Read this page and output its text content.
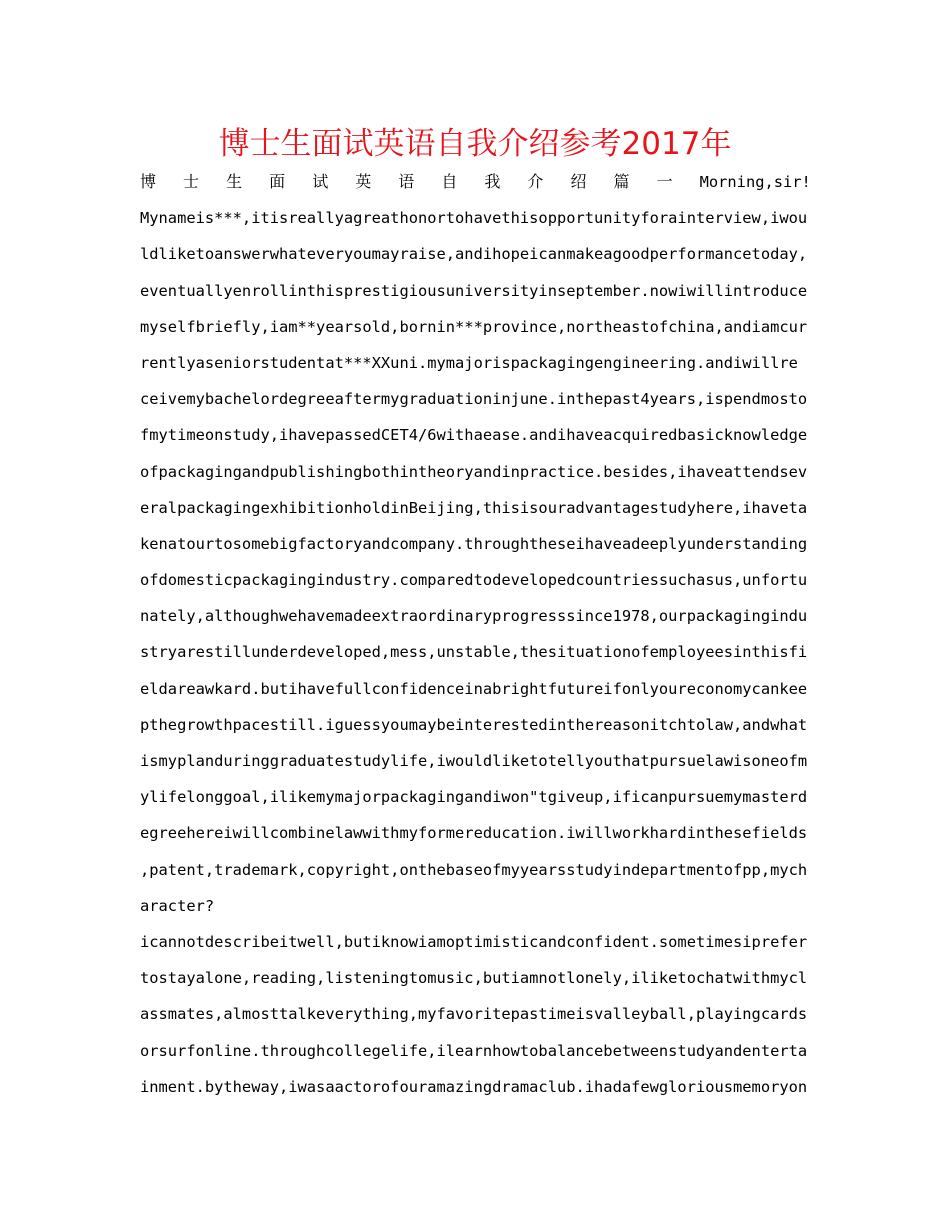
博士生面试英语自我介绍参考2017年
博 士 生 面 试 英 语 自 我 介 绍 篇 一 Morning,sir!
Mynameis***,itisreallyagreathonortohavethisopportunityforainterview,iwou
ldliketoanswerwhateveryoumayraise,andihopeicanmakeagoodperformancetoday,
eventuallyenrollinthisprestigiousuniversityinseptember.nowiwillintroduce
myselfbriefly,iam**yearsold,bornin***province,northeastofchina,andiamcur
rentlyaseniorstudentat***XXuni.mymajorispackagingengineering.andiwillre
ceivemybachelordegreeaftermygraduationinjune.inthepast4years,ispendmosto
fmytimeonstudy,ihavepassedCET4/6withaease.andihaveacquiredbasicknowledge
ofpackagingandpublishingbothintheoryandinpractice.besides,ihaveattendsev
eralpackagingexhibitionholdinBeijing,thisisouradvantagestudyhere,ihaveta
kenatourtosomebigfactoryandcompany.throughtheseihaveadeeplyunderstanding
ofdomesticpackagingindustry.comparedtodevelopedcountriessuchasus,unfortu
nately,althoughwehavemadeextraordinaryprogresssince1978,ourpackagingindu
stryarestillunderdeveloped,mess,unstable,thesituationofemployeesinthisfi
eldareawkard.butihavefullconfidenceinabrightfutureifonlyoureconomycankee
pthegrowthpacestill.iguessyoumaybeinterestedinthereasonitchtolaw,andwhat
ismyplanduringgraduatestudylife,iwouldliketotellyouthatpursuelawisoneofm
ylifelonggoal,ilikemymajorpackagingandiwon"tgiveup,ificanpursuemymasterd
egreehereiwillcombinelawwithmyformereducation.iwillworkhardinthesefields
,patent,trademark,copyright,onthebaseofmyyearsstudyindepartmentofpp,mych
aracter?
icannotdescribeitwell,butiknowiamoptimisticandconfident.sometimesiprefer
tostayalone,reading,listeningtomusic,butiamnotlonely,iliketochatwithmycl
assmates,almosttalkeverything,myfavoritepastimeisvalleyball,playingcards
orsurfonline.throughcollegelife,ilearnhowtobalancebetweenstudyandenterta
inment.bytheway,iwasaactorofouramazingdramaclub.ihadafewgloriousmemoryon
